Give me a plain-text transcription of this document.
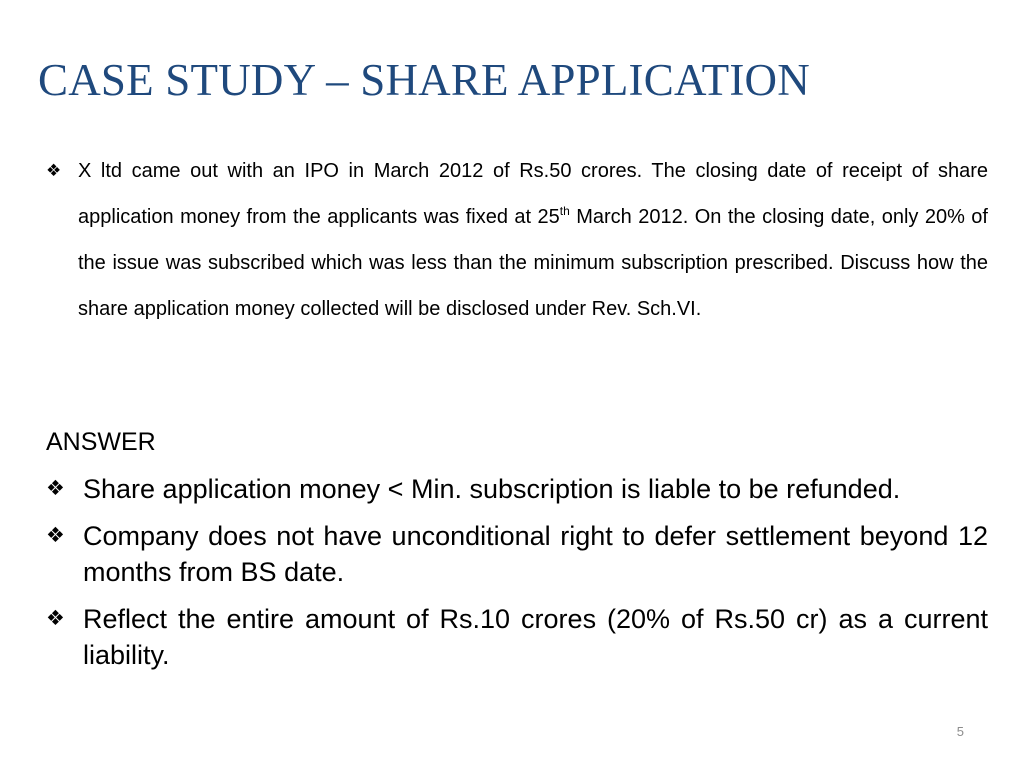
CASE STUDY – SHARE APPLICATION
❖ X ltd came out with an IPO in March 2012 of Rs.50 crores. The closing date of receipt of share application money from the applicants was fixed at 25th March 2012. On the closing date, only 20% of the issue was subscribed which was less than the minimum subscription prescribed. Discuss how the share application money collected will be disclosed under Rev. Sch.VI.
ANSWER
❖ Share application money < Min. subscription is liable to be refunded.
❖ Company does not have unconditional right to defer settlement beyond 12 months from BS date.
❖ Reflect the entire amount of Rs.10 crores (20% of Rs.50 cr) as a current liability.
5
